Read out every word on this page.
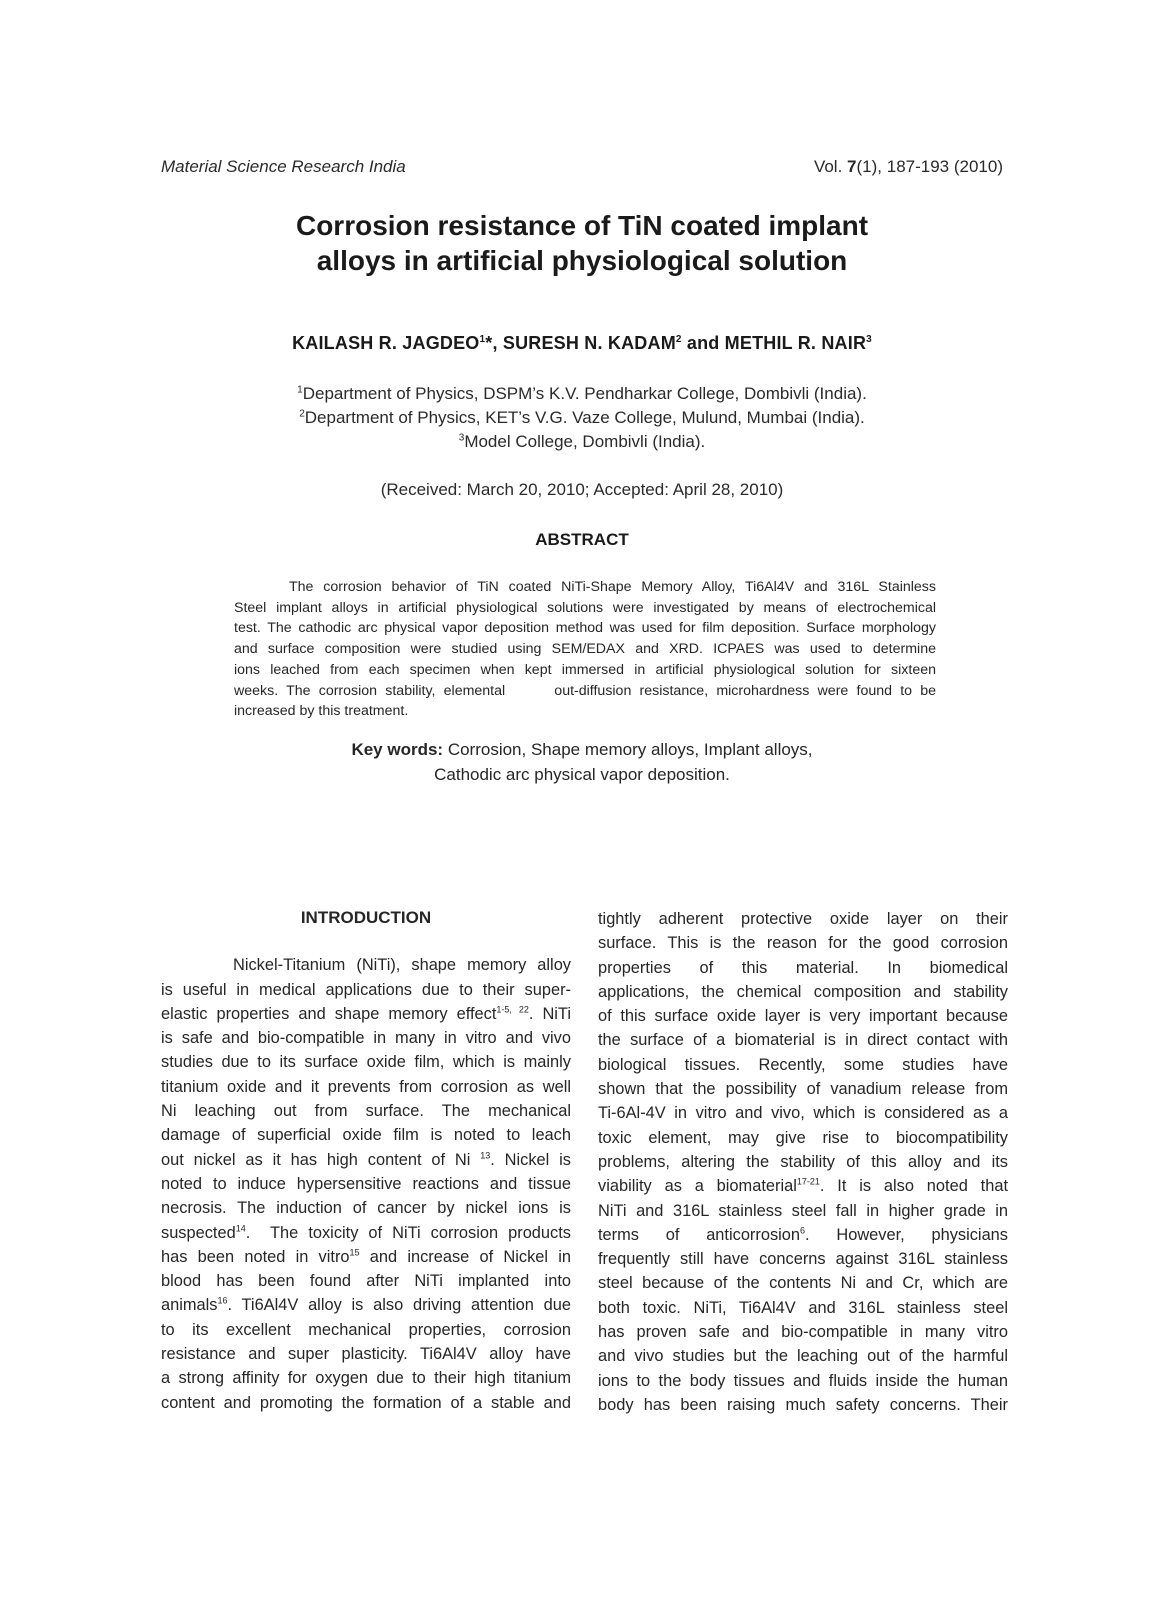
Material Science Research India	Vol. 7(1), 187-193 (2010)
Corrosion resistance of TiN coated implant
alloys in artificial physiological solution
KAILASH R. JAGDEO$^1$*, SURESH N. KADAM$^2$ and METHIL R. NAIR$^3$
$^1$Department of Physics, DSPM’s K.V. Pendharkar College, Dombivli (India).
$^2$Department of Physics, KET’s V.G. Vaze College, Mulund, Mumbai (India).
$^3$Model College, Dombivli (India).
(Received: March 20, 2010; Accepted: April 28, 2010)
ABSTRACT
The corrosion behavior of TiN coated NiTi-Shape Memory Alloy, Ti6Al4V and 316L Stainless
Steel implant alloys in artificial physiological solutions were investigated by means of electrochemical
test. The cathodic arc physical vapor deposition method was used for film deposition. Surface morphology
and surface composition were studied using SEM/EDAX and XRD. ICPAES was used to determine
ions leached from each specimen when kept immersed in artificial physiological solution for sixteen
weeks. The corrosion stability, elemental      out-diffusion resistance, microhardness were found to be
increased by this treatment.
Key words: Corrosion, Shape memory alloys, Implant alloys,
Cathodic arc physical vapor deposition.
INTRODUCTION
Nickel-Titanium (NiTi), shape memory alloy
is useful in medical applications due to their super-
elastic properties and shape memory effect$^{1-5, 22}$. NiTi
is safe and bio-compatible in many in vitro and vivo
studies due to its surface oxide film, which is mainly
titanium oxide and it prevents from corrosion as well
Ni leaching out from surface. The mechanical
damage of superficial oxide film is noted to leach
out nickel as it has high content of Ni $^{13}$. Nickel is
noted to induce hypersensitive reactions and tissue
necrosis. The induction of cancer by nickel ions is
suspected$^{14}$.  The toxicity of NiTi corrosion products
has been noted in vitro$^{15}$ and increase of Nickel in
blood has been found after NiTi implanted into
animals$^{16}$. Ti6Al4V alloy is also driving attention due
to its excellent mechanical properties, corrosion
resistance and super plasticity. Ti6Al4V alloy have
a strong affinity for oxygen due to their high titanium
content and promoting the formation of a stable and
tightly adherent protective oxide layer on their
surface. This is the reason for the good corrosion
properties of this material. In biomedical
applications, the chemical composition and stability
of this surface oxide layer is very important because
the surface of a biomaterial is in direct contact with
biological tissues. Recently, some studies have
shown that the possibility of vanadium release from
Ti-6Al-4V in vitro and vivo, which is considered as a
toxic element, may give rise to biocompatibility
problems, altering the stability of this alloy and its
viability as a biomaterial$^{17-21}$. It is also noted that
NiTi and 316L stainless steel fall in higher grade in
terms of anticorrosion$^6$. However, physicians
frequently still have concerns against 316L stainless
steel because of the contents Ni and Cr, which are
both toxic. NiTi, Ti6Al4V and 316L stainless steel
has proven safe and bio-compatible in many vitro
and vivo studies but the leaching out of the harmful
ions to the body tissues and fluids inside the human
body has been raising much safety concerns. Their
